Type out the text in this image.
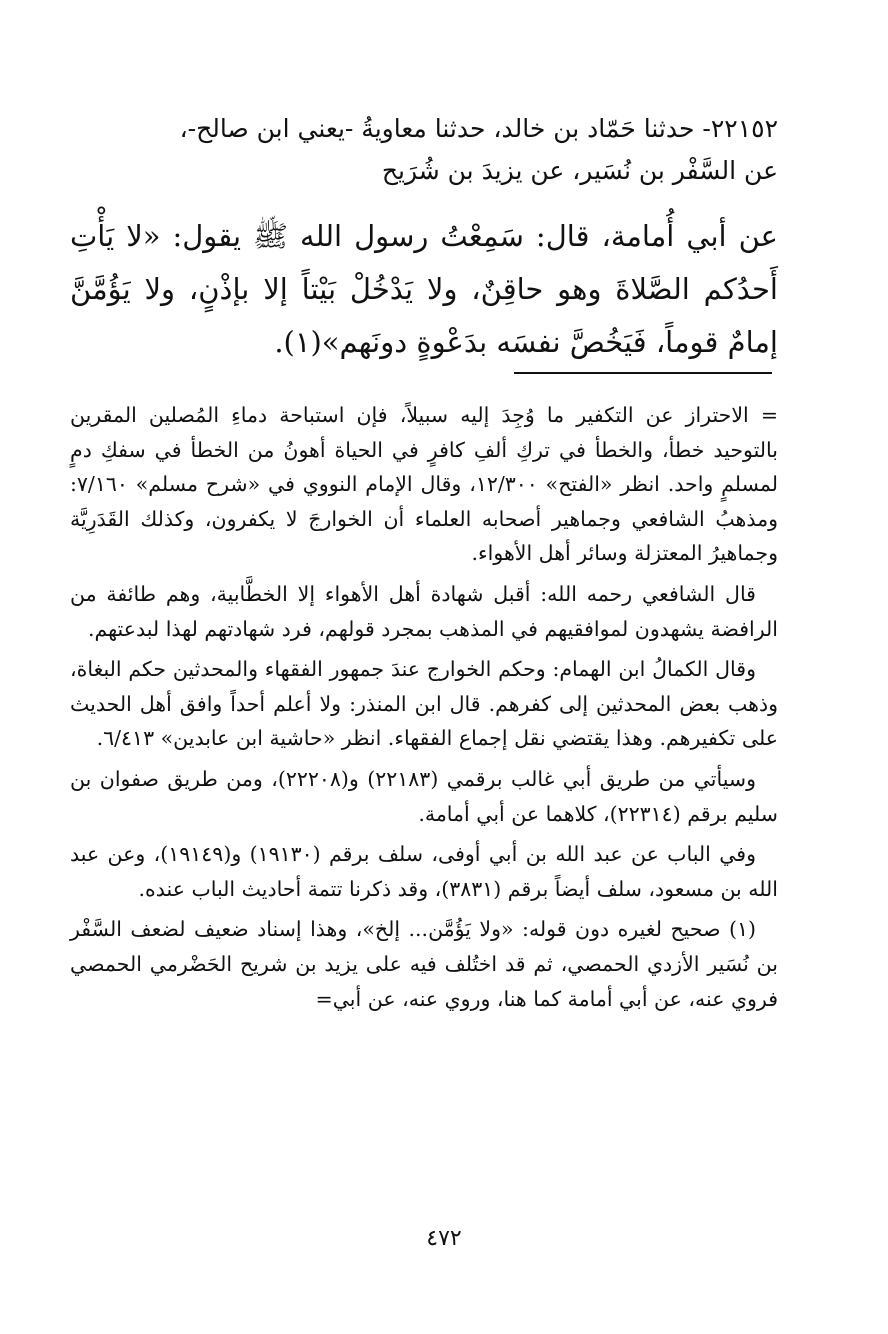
٢٢١٥٢- حدثنا حَمّاد بن خالد، حدثنا معاويةُ -يعني ابن صالح-،
عن السَّفْر بن نُسَير، عن يزيدَ بن شُرَيح
عن أبي أُمامة، قال: سَمِعْتُ رسول الله ﷺ يقول: «لا يَأْتِ أَحدُكم الصَّلاةَ وهو حاقِنٌ، ولا يَدْخُلْ بَيْتاً إلا بإذْنٍ، ولا يَؤُمَّنَّ إمامٌ قوماً، فَيَخُصَّ نفسَه بدَعْوةٍ دونَهم»(١).

= الاحتراز عن التكفير ما وُجِدَ إليه سبيلاً، فإن استباحة دماءِ المُصلين المقرين بالتوحيد خطأ، والخطأ في تركِ ألفِ كافرٍ في الحياة أهونُ من الخطأ في سفكِ دمٍ لمسلمٍ واحد. انظر «الفتح» ١٢/٣٠٠، وقال الإمام النووي في «شرح مسلم» ٧/١٦٠: ومذهبُ الشافعي وجماهير أصحابه العلماء أن الخوارجَ لا يكفرون، وكذلك القَدَرِيَّة وجماهيرُ المعتزلة وسائر أهل الأهواء.

قال الشافعي رحمه الله: أقبل شهادة أهل الأهواء إلا الخطَّابية، وهم طائفة من الرافضة يشهدون لموافقيهم في المذهب بمجرد قولهم، فرد شهادتهم لهذا لبدعتهم.

وقال الكمالُ ابن الهمام: وحكم الخوارج عندَ جمهور الفقهاء والمحدثين حكم البغاة، وذهب بعض المحدثين إلى كفرهم. قال ابن المنذر: ولا أعلم أحداً وافق أهل الحديث على تكفيرهم. وهذا يقتضي نقل إجماع الفقهاء. انظر «حاشية ابن عابدين» ٦/٤١٣.

وسيأتي من طريق أبي غالب برقمي (٢٢١٨٣) و(٢٢٢٠٨)، ومن طريق صفوان بن سليم برقم (٢٢٣١٤)، كلاهما عن أبي أمامة.

وفي الباب عن عبد الله بن أبي أوفى، سلف برقم (١٩١٣٠) و(١٩١٤٩)، وعن عبد الله بن مسعود، سلف أيضاً برقم (٣٨٣١)، وقد ذكرنا تتمة أحاديث الباب عنده.

(١) صحيح لغيره دون قوله: «ولا يَؤُمَّن... إلخ»، وهذا إسناد ضعيف لضعف السَّفْر بن نُسَير الأزدي الحمصي، ثم قد اختُلف فيه على يزيد بن شريح الحَضْرمي الحمصي فروي عنه، عن أبي أمامة كما هنا، وروي عنه، عن أبي=

٤٧٢
